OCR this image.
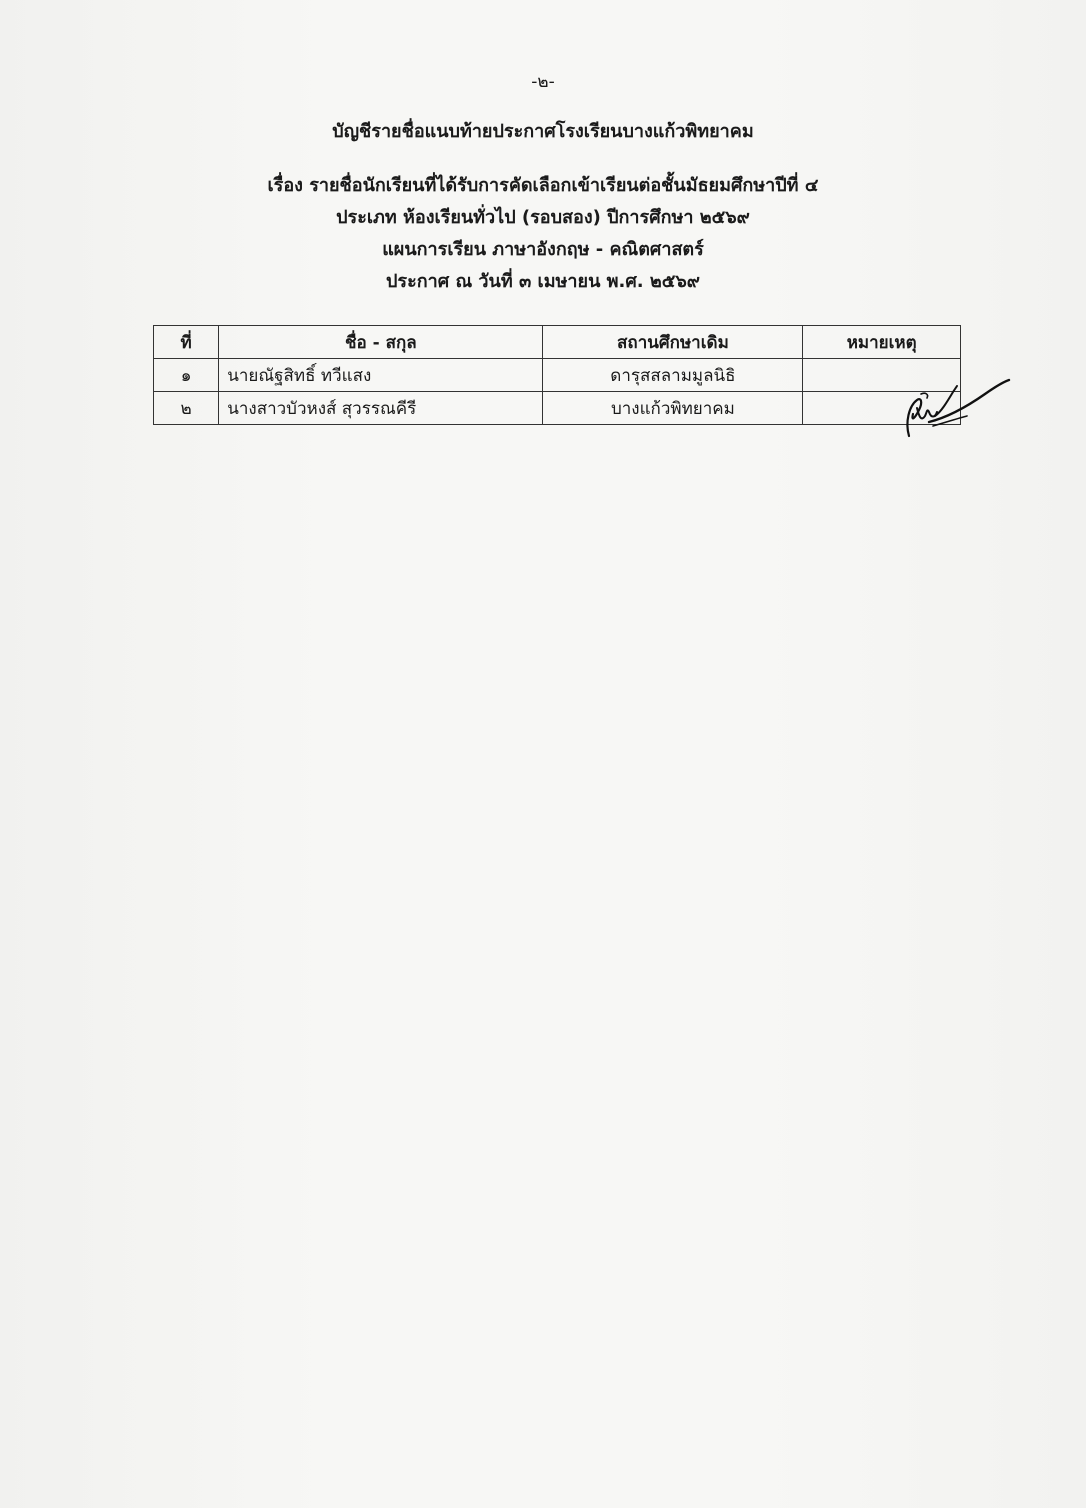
-๒-
บัญชีรายชื่อแนบท้ายประกาศโรงเรียนบางแก้วพิทยาคม
เรื่อง รายชื่อนักเรียนที่ได้รับการคัดเลือกเข้าเรียนต่อชั้นมัธยมศึกษาปีที่ ๔
ประเภท ห้องเรียนทั่วไป (รอบสอง) ปีการศึกษา ๒๕๖๙
แผนการเรียน ภาษาอังกฤษ - คณิตศาสตร์
ประกาศ ณ วันที่ ๓ เมษายน พ.ศ. ๒๕๖๙
ที่	ชื่อ - สกุล	สถานศึกษาเดิม	หมายเหตุ
๑	นายณัฐสิทธิ์ ทวีแสง	ดารุสสลามมูลนิธิ	
๒	นางสาวบัวหงส์ สุวรรณคีรี	บางแก้วพิทยาคม	
